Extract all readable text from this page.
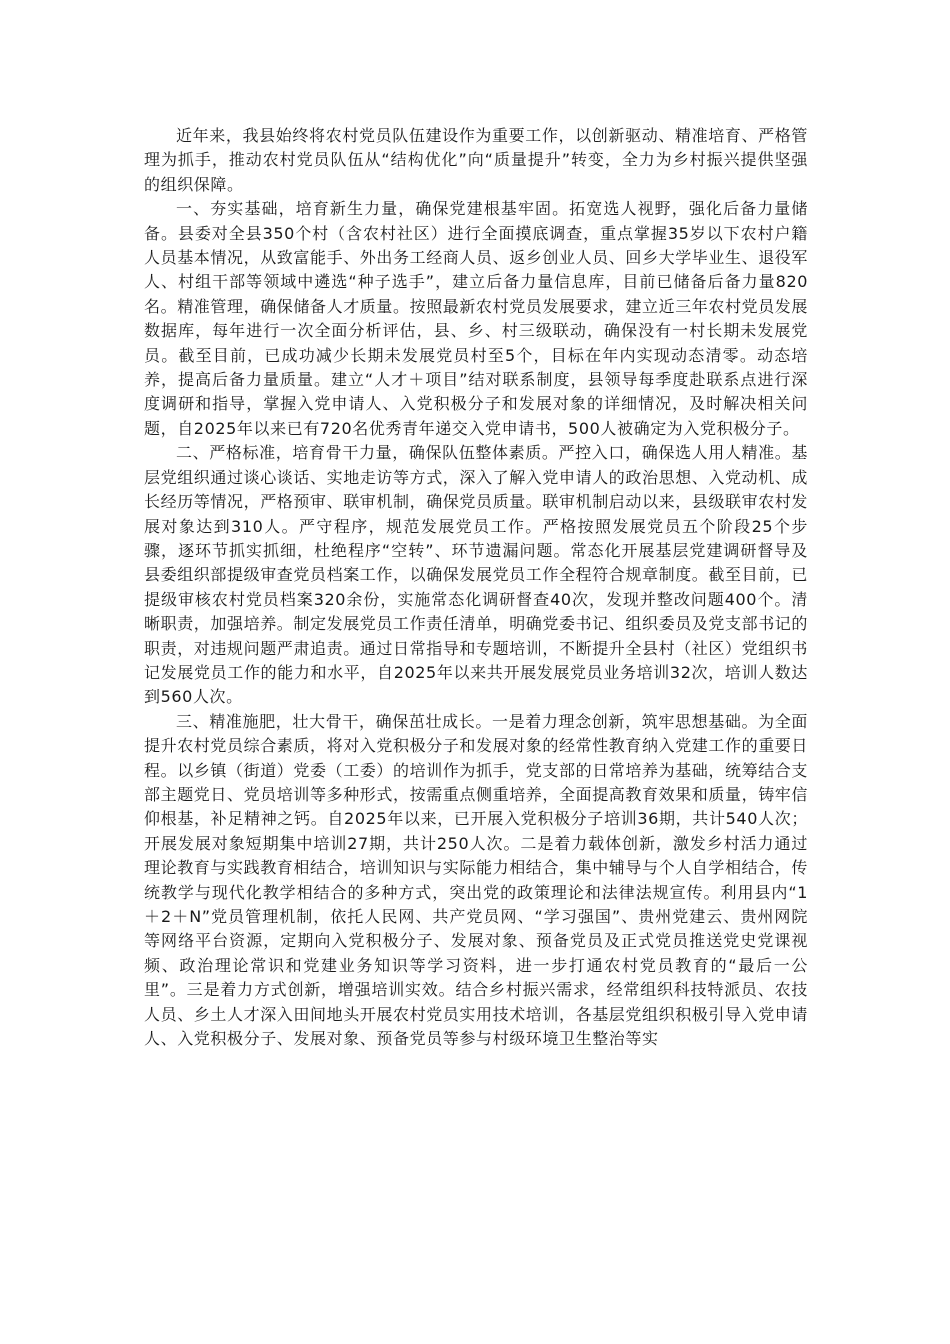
近年来，我县始终将农村党员队伍建设作为重要工作，以创新驱动、精准培育、严格管理为抓手，推动农村党员队伍从“结构优化”向“质量提升”转变，全力为乡村振兴提供坚强的组织保障。

一、夯实基础，培育新生力量，确保党建根基牢固。拓宽选人视野，强化后备力量储备。县委对全县350个村（含农村社区）进行全面摸底调查，重点掌握35岁以下农村户籍人员基本情况，从致富能手、外出务工经商人员、返乡创业人员、回乡大学毕业生、退役军人、村组干部等领域中遴选“种子选手”，建立后备力量信息库，目前已储备后备力量820名。精准管理，确保储备人才质量。按照最新农村党员发展要求，建立近三年农村党员发展数据库，每年进行一次全面分析评估，县、乡、村三级联动，确保没有一村长期未发展党员。截至目前，已成功减少长期未发展党员村至5个，目标在年内实现动态清零。动态培养，提高后备力量质量。建立“人才＋项目”结对联系制度，县领导每季度赴联系点进行深度调研和指导，掌握入党申请人、入党积极分子和发展对象的详细情况，及时解决相关问题，自2025年以来已有720名优秀青年递交入党申请书，500人被确定为入党积极分子。

二、严格标准，培育骨干力量，确保队伍整体素质。严控入口，确保选人用人精准。基层党组织通过谈心谈话、实地走访等方式，深入了解入党申请人的政治思想、入党动机、成长经历等情况，严格预审、联审机制，确保党员质量。联审机制启动以来，县级联审农村发展对象达到310人。严守程序，规范发展党员工作。严格按照发展党员五个阶段25个步骤，逐环节抓实抓细，杜绝程序“空转”、环节遗漏问题。常态化开展基层党建调研督导及县委组织部提级审查党员档案工作，以确保发展党员工作全程符合规章制度。截至目前，已提级审核农村党员档案320余份，实施常态化调研督查40次，发现并整改问题400个。清晰职责，加强培养。制定发展党员工作责任清单，明确党委书记、组织委员及党支部书记的职责，对违规问题严肃追责。通过日常指导和专题培训，不断提升全县村（社区）党组织书记发展党员工作的能力和水平，自2025年以来共开展发展党员业务培训32次，培训人数达到560人次。

三、精准施肥，壮大骨干，确保茁壮成长。一是着力理念创新，筑牢思想基础。为全面提升农村党员综合素质，将对入党积极分子和发展对象的经常性教育纳入党建工作的重要日程。以乡镇（街道）党委（工委）的培训作为抓手，党支部的日常培养为基础，统筹结合支部主题党日、党员培训等多种形式，按需重点侧重培养，全面提高教育效果和质量，铸牢信仰根基，补足精神之钙。自2025年以来，已开展入党积极分子培训36期，共计540人次；开展发展对象短期集中培训27期，共计250人次。二是着力载体创新，激发乡村活力通过理论教育与实践教育相结合，培训知识与实际能力相结合，集中辅导与个人自学相结合，传统教学与现代化教学相结合的多种方式，突出党的政策理论和法律法规宣传。利用县内“1＋2＋N”党员管理机制，依托人民网、共产党员网、“学习强国”、贵州党建云、贵州网院等网络平台资源，定期向入党积极分子、发展对象、预备党员及正式党员推送党史党课视频、政治理论常识和党建业务知识等学习资料，进一步打通农村党员教育的“最后一公里”。三是着力方式创新，增强培训实效。结合乡村振兴需求，经常组织科技特派员、农技人员、乡土人才深入田间地头开展农村党员实用技术培训，各基层党组织积极引导入党申请人、入党积极分子、发展对象、预备党员等参与村级环境卫生整治等实
